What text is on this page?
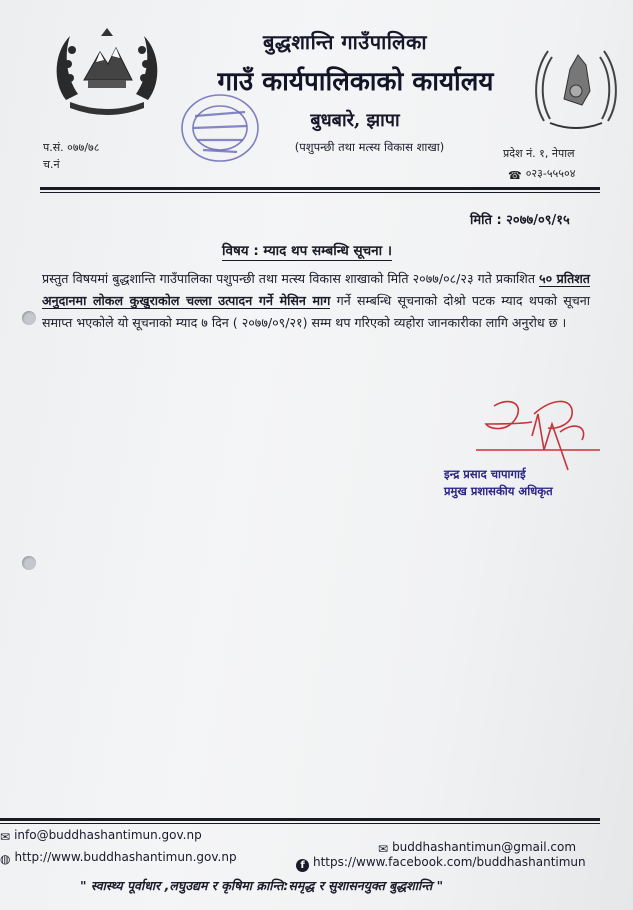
बुद्धशान्ति गाउँपालिका
गाउँ कार्यपालिकाको कार्यालय
बुधबारे, झापा
(पशुपन्छी तथा मत्स्य विकास शाखा)
प.सं. ०७७/७८
च.नं
प्रदेश नं. १, नेपाल
☎ ०२३-५५५०४
मिति : २०७७/०९/१५
विषय : म्याद थप सम्बन्धि सूचना ।
प्रस्तुत विषयमां बुद्धशान्ति गाउँपालिका पशुपन्छी तथा मत्स्य विकास शाखाको मिति २०७७/०८/२३ गते प्रकाशित ५० प्रतिशत अनुदानमा लोकल कुखुराकोल चल्ला उत्पादन गर्ने मेसिन माग गर्ने सम्बन्धि सूचनाको दोश्रो पटक म्याद थपको सूचना समाप्त भएकोले यो सूचनाको म्याद ७ दिन ( २०७७/०९/२१) सम्म थप गरिएको व्यहोरा जानकारीका लागि अनुरोध छ ।
इन्द्र प्रसाद चापागाई
प्रमुख प्रशासकीय अधिकृत
✉ info@buddhashantimun.gov.np
✉ buddhashantimun@gmail.com
◍ http://www.buddhashantimun.gov.np
f https://www.facebook.com/buddhashantimun
" स्वास्थ्य पूर्वाधार ,लघुउद्यम र कृषिमा क्रान्ति:समृद्ध र सुशासनयुक्त बुद्धशान्ति "
